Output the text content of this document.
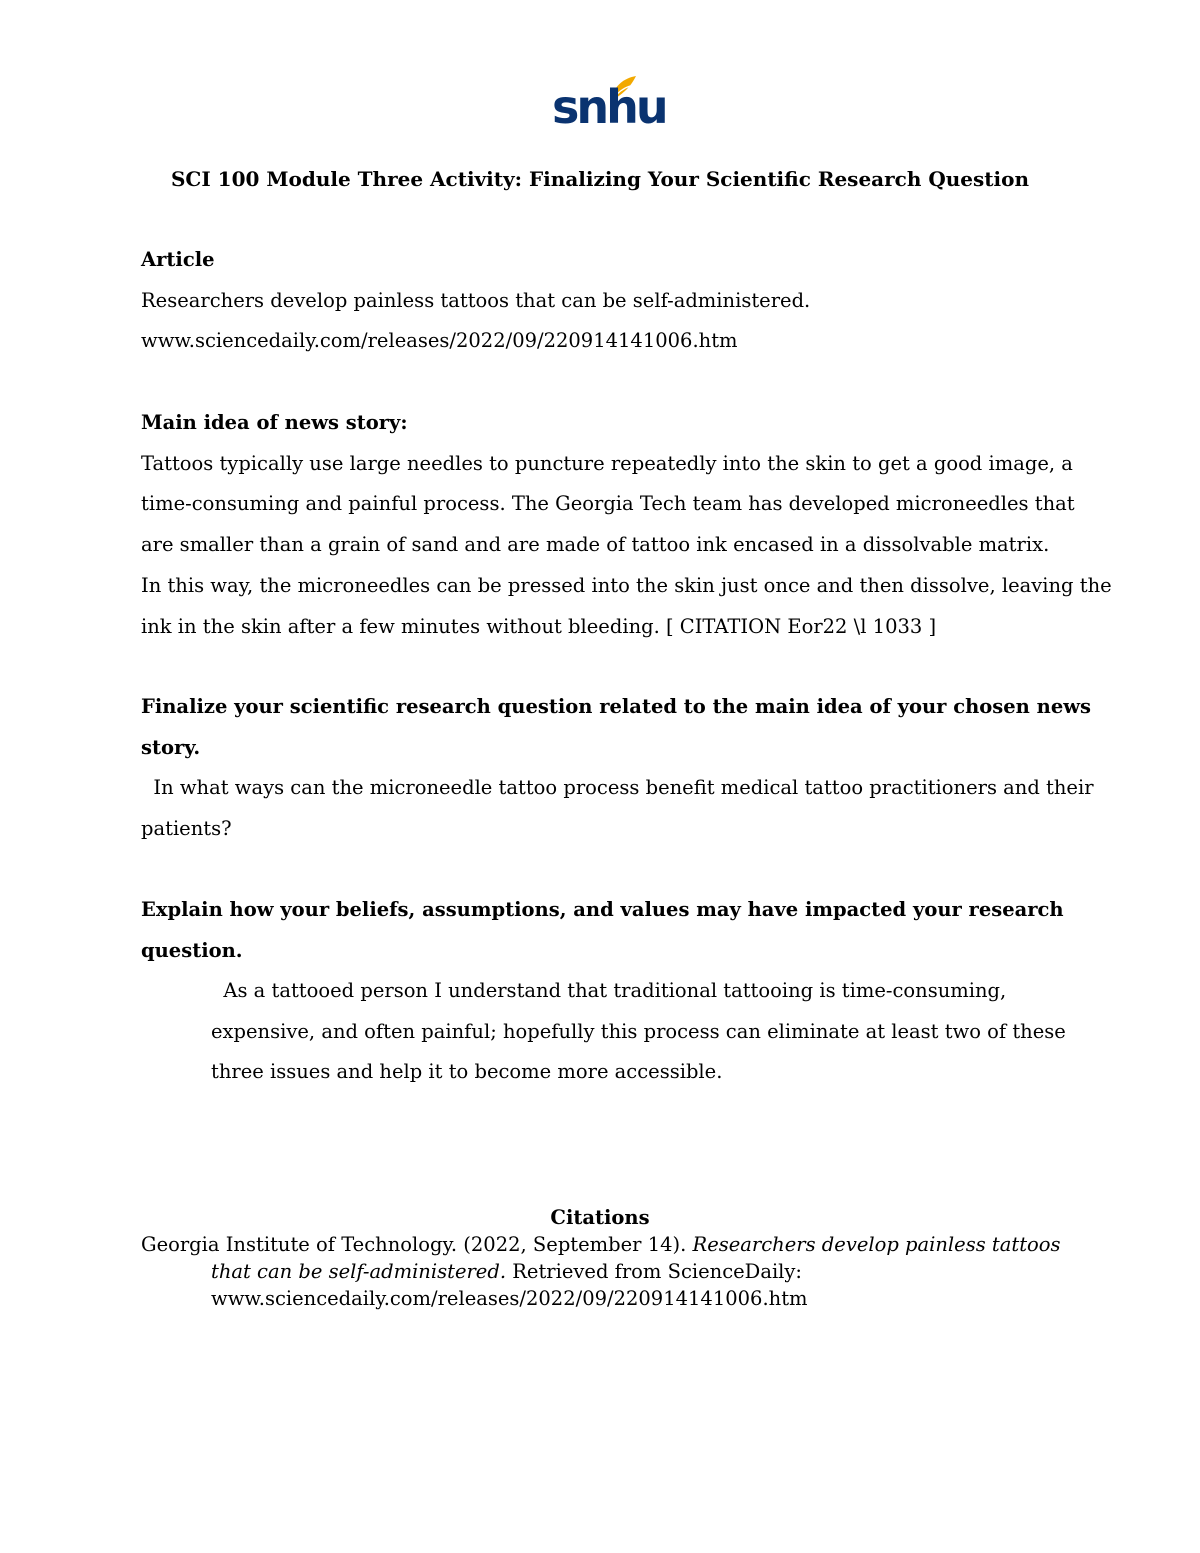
snhu
SCI 100 Module Three Activity: Finalizing Your Scientific Research Question
Article
Researchers develop painless tattoos that can be self-administered.
www.sciencedaily.com/releases/2022/09/220914141006.htm
Main idea of news story:
Tattoos typically use large needles to puncture repeatedly into the skin to get a good image, a
time-consuming and painful process. The Georgia Tech team has developed microneedles that
are smaller than a grain of sand and are made of tattoo ink encased in a dissolvable matrix.
In this way, the microneedles can be pressed into the skin just once and then dissolve, leaving the
ink in the skin after a few minutes without bleeding. [ CITATION Eor22 \l 1033 ]
Finalize your scientific research question related to the main idea of your chosen news
story.
In what ways can the microneedle tattoo process benefit medical tattoo practitioners and their
patients?
Explain how your beliefs, assumptions, and values may have impacted your research
question.
As a tattooed person I understand that traditional tattooing is time-consuming,
expensive, and often painful; hopefully this process can eliminate at least two of these
three issues and help it to become more accessible.
Citations
Georgia Institute of Technology. (2022, September 14). Researchers develop painless tattoos
that can be self-administered. Retrieved from ScienceDaily:
www.sciencedaily.com/releases/2022/09/220914141006.htm
